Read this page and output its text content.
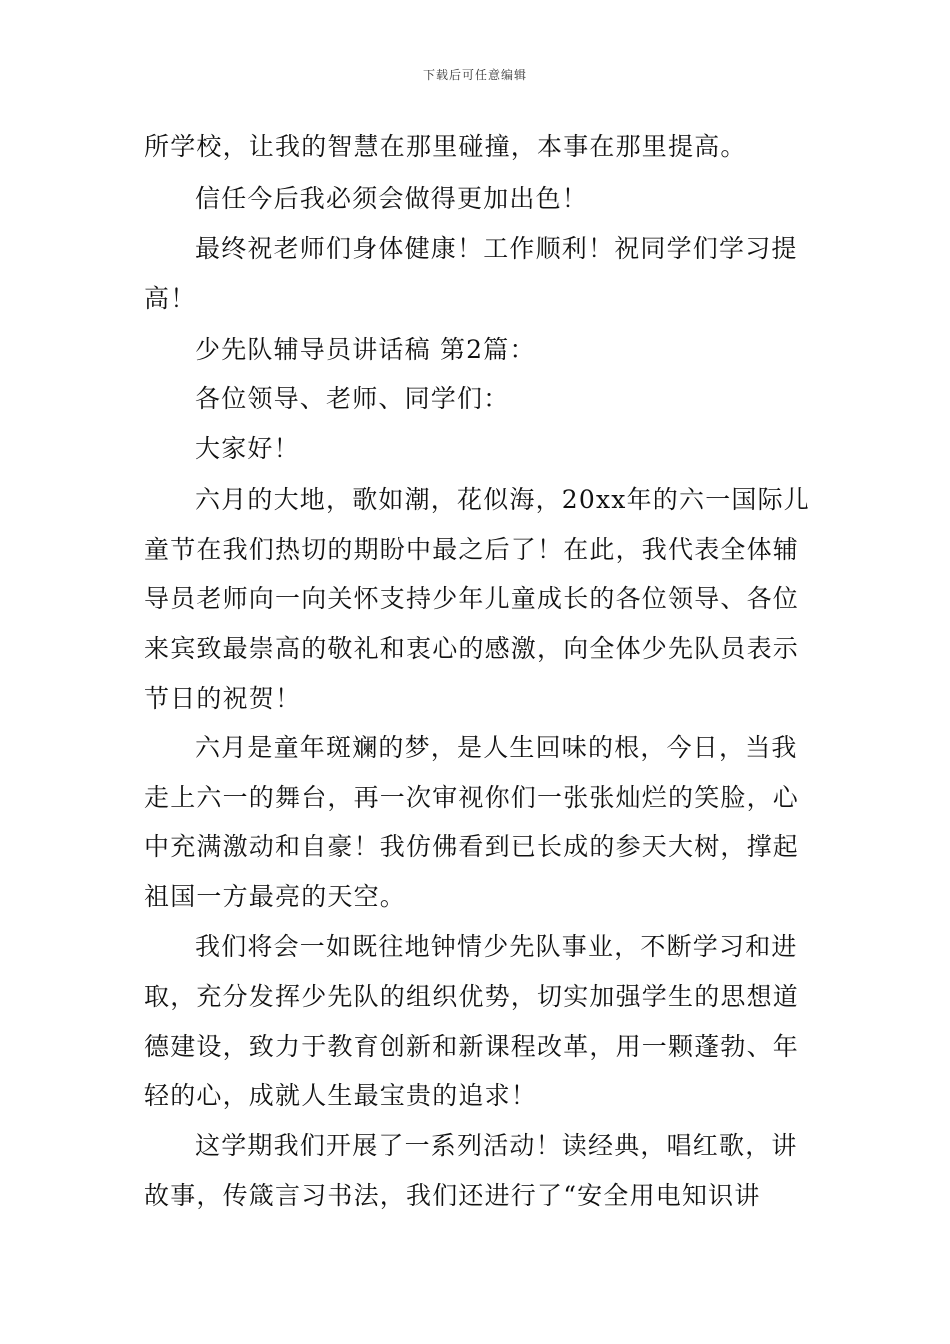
下载后可任意编辑
所学校，让我的智慧在那里碰撞，本事在那里提高。
信任今后我必须会做得更加出色！
最终祝老师们身体健康！工作顺利！祝同学们学习提
高！
少先队辅导员讲话稿 第2篇：
各位领导、老师、同学们：
大家好！
六月的大地，歌如潮，花似海，20xx年的六一国际儿
童节在我们热切的期盼中最之后了！在此，我代表全体辅
导员老师向一向关怀支持少年儿童成长的各位领导、各位
来宾致最崇高的敬礼和衷心的感激，向全体少先队员表示
节日的祝贺！
六月是童年斑斓的梦，是人生回味的根，今日，当我
走上六一的舞台，再一次审视你们一张张灿烂的笑脸，心
中充满激动和自豪！我仿佛看到已长成的参天大树，撑起
祖国一方最亮的天空。
我们将会一如既往地钟情少先队事业，不断学习和进
取，充分发挥少先队的组织优势，切实加强学生的思想道
德建设，致力于教育创新和新课程改革，用一颗蓬勃、年
轻的心，成就人生最宝贵的追求！
这学期我们开展了一系列活动！读经典，唱红歌，讲
故事，传箴言习书法，我们还进行了“安全用电知识讲
